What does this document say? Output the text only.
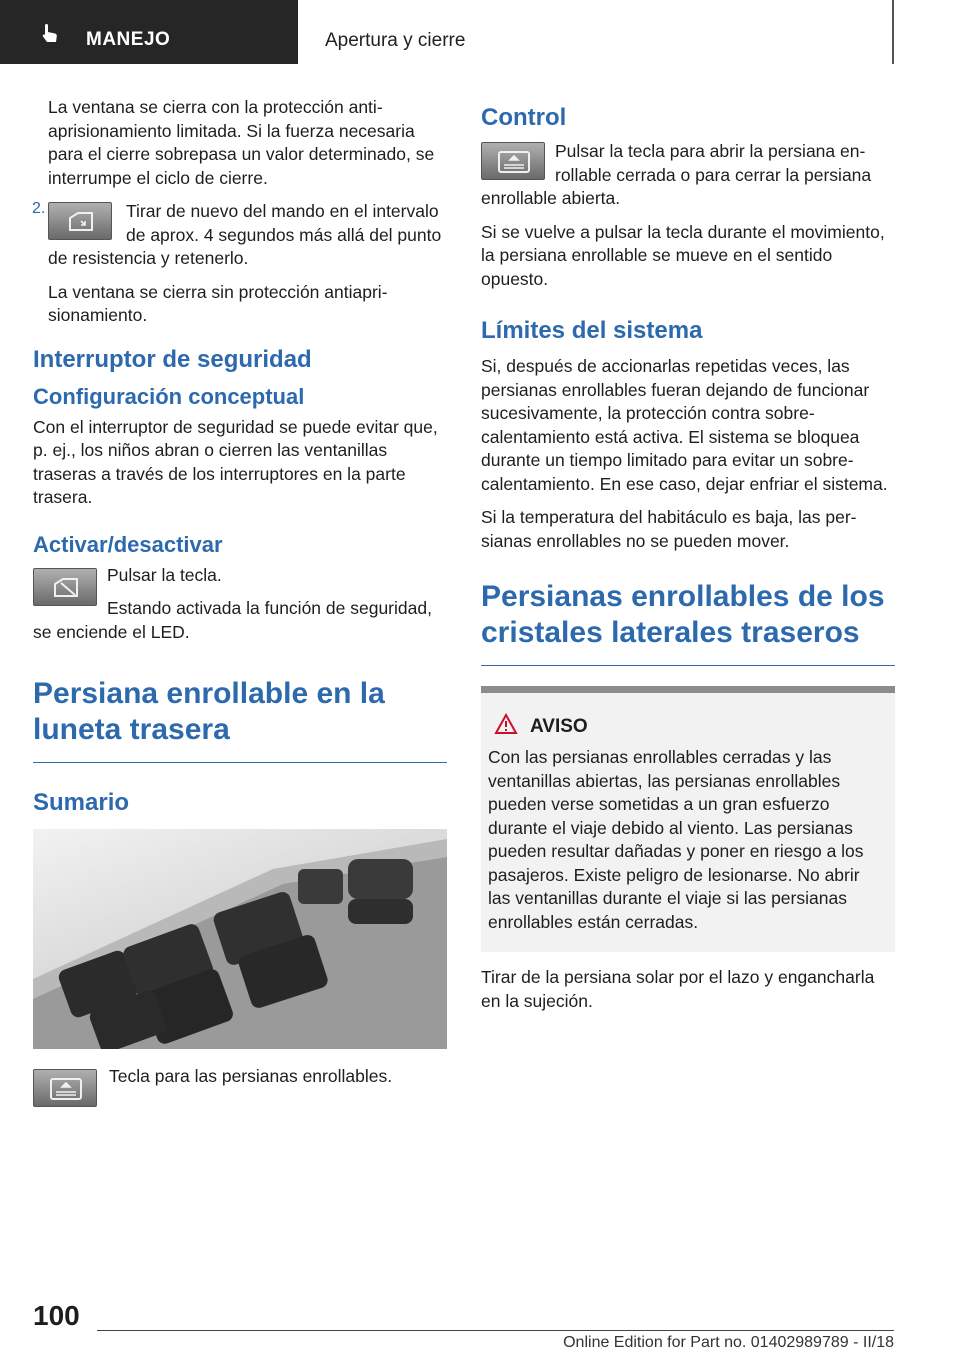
MANEJO	Apertura y cierre

La ventana se cierra con la protección antiaprisionamiento limitada. Si la fuerza necesaria para el cierre sobrepasa un valor determinado, se interrumpe el ciclo de cierre.

2.	Tirar de nuevo del mando en el intervalo de aprox. 4 segundos más allá del punto de resistencia y retenerlo.

La ventana se cierra sin protección antiaprisionamiento.

Interruptor de seguridad
Configuración conceptual

Con el interruptor de seguridad se puede evitar que, p. ej., los niños abran o cierren las ventanillas traseras a través de los interruptores en la parte trasera.

Activar/desactivar

Pulsar la tecla.

Estando activada la función de seguridad, se enciende el LED.

Persiana enrollable en la luneta trasera
Sumario

Tecla para las persianas enrollables.

Control

Pulsar la tecla para abrir la persiana enrollable cerrada o para cerrar la persiana enrollable abierta.

Si se vuelve a pulsar la tecla durante el movimiento, la persiana enrollable se mueve en el sentido opuesto.

Límites del sistema

Si, después de accionarlas repetidas veces, las persianas enrollables fueran dejando de funcionar sucesivamente, la protección contra sobrecalentamiento está activa. El sistema se bloquea durante un tiempo limitado para evitar un sobrecalentamiento. En ese caso, dejar enfriar el sistema.

Si la temperatura del habitáculo es baja, las persianas enrollables no se pueden mover.

Persianas enrollables de los cristales laterales traseros
AVISO

Con las persianas enrollables cerradas y las ventanillas abiertas, las persianas enrollables pueden verse sometidas a un gran esfuerzo durante el viaje debido al viento. Las persianas pueden resultar dañadas y poner en riesgo a los pasajeros. Existe peligro de lesionarse. No abrir las ventanillas durante el viaje si las persianas enrollables están cerradas.

Tirar de la persiana solar por el lazo y engancharla en la sujeción.

100
Online Edition for Part no. 01402989789 - II/18
